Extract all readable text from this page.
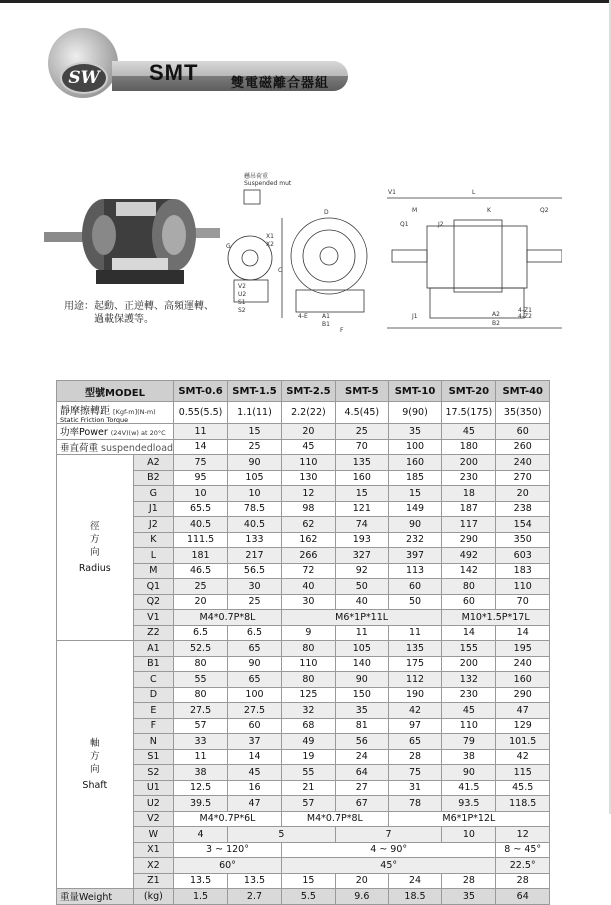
SW	SMT	雙電磁離合器組
用途：起動、正逆轉、高頻運轉、
過載保護等。
懸吊荷重
Suspended mut
V1	L
Q2
M	K
Q1	J2
A2
B2
J1
4-Z1
4-Z2
4-E A1
B1
C
D
F
G
X1
X2
V2
U2
S1
S2
型號MODEL		SMT-0.6	SMT-1.5	SMT-2.5	SMT-5	SMT-10	SMT-20	SMT-40
靜摩擦轉距 [Kgf-m](N-m)
Static Friction Torque		0.55(5.5)	1.1(11)	2.2(22)	4.5(45)	9(90)	17.5(175)	35(350)
功率Power (24V)(w) at 20°C		11	15	20	25	35	45	60
垂直荷重 suspendedload		14	25	45	70	100	180	260

徑
方
向
Radius	A2	75	90	110	135	160	200	240
	B2	95	105	130	160	185	230	270
	G	10	10	12	15	15	18	20
	J1	65.5	78.5	98	121	149	187	238
	J2	40.5	40.5	62	74	90	117	154
	K	111.5	133	162	193	232	290	350
	L	181	217	266	327	397	492	603
	M	46.5	56.5	72	92	113	142	183
	Q1	25	30	40	50	60	80	110
	Q2	20	25	30	40	50	60	70
	V1	M4*0.7P*8L		M6*1P*11L			M10*1.5P*17L	
	Z2	6.5	6.5	9	11	11	14	14

軸
方
向
Shaft	A1	52.5	65	80	105	135	155	195
	B1	80	90	110	140	175	200	240
	C	55	65	80	90	112	132	160
	D	80	100	125	150	190	230	290
	E	27.5	27.5	32	35	42	45	47
	F	57	60	68	81	97	110	129
	N	33	37	49	56	65	79	101.5
	S1	11	14	19	24	28	38	42
	S2	38	45	55	64	75	90	115
	U1	12.5	16	21	27	31	41.5	45.5
	U2	39.5	47	57	67	78	93.5	118.5
	V2	M4*0.7P*6L		M4*0.7P*8L		M6*1P*12L		
	W	4	5		7		10	12
	X1	3 ~ 120°		4 ~ 90°				8 ~ 45°
	X2	60°		45°				22.5°
	Z1	13.5	13.5	15	20	24	28	28
重量Weight	(kg)	1.5	2.7	5.5	9.6	18.5	35	64
